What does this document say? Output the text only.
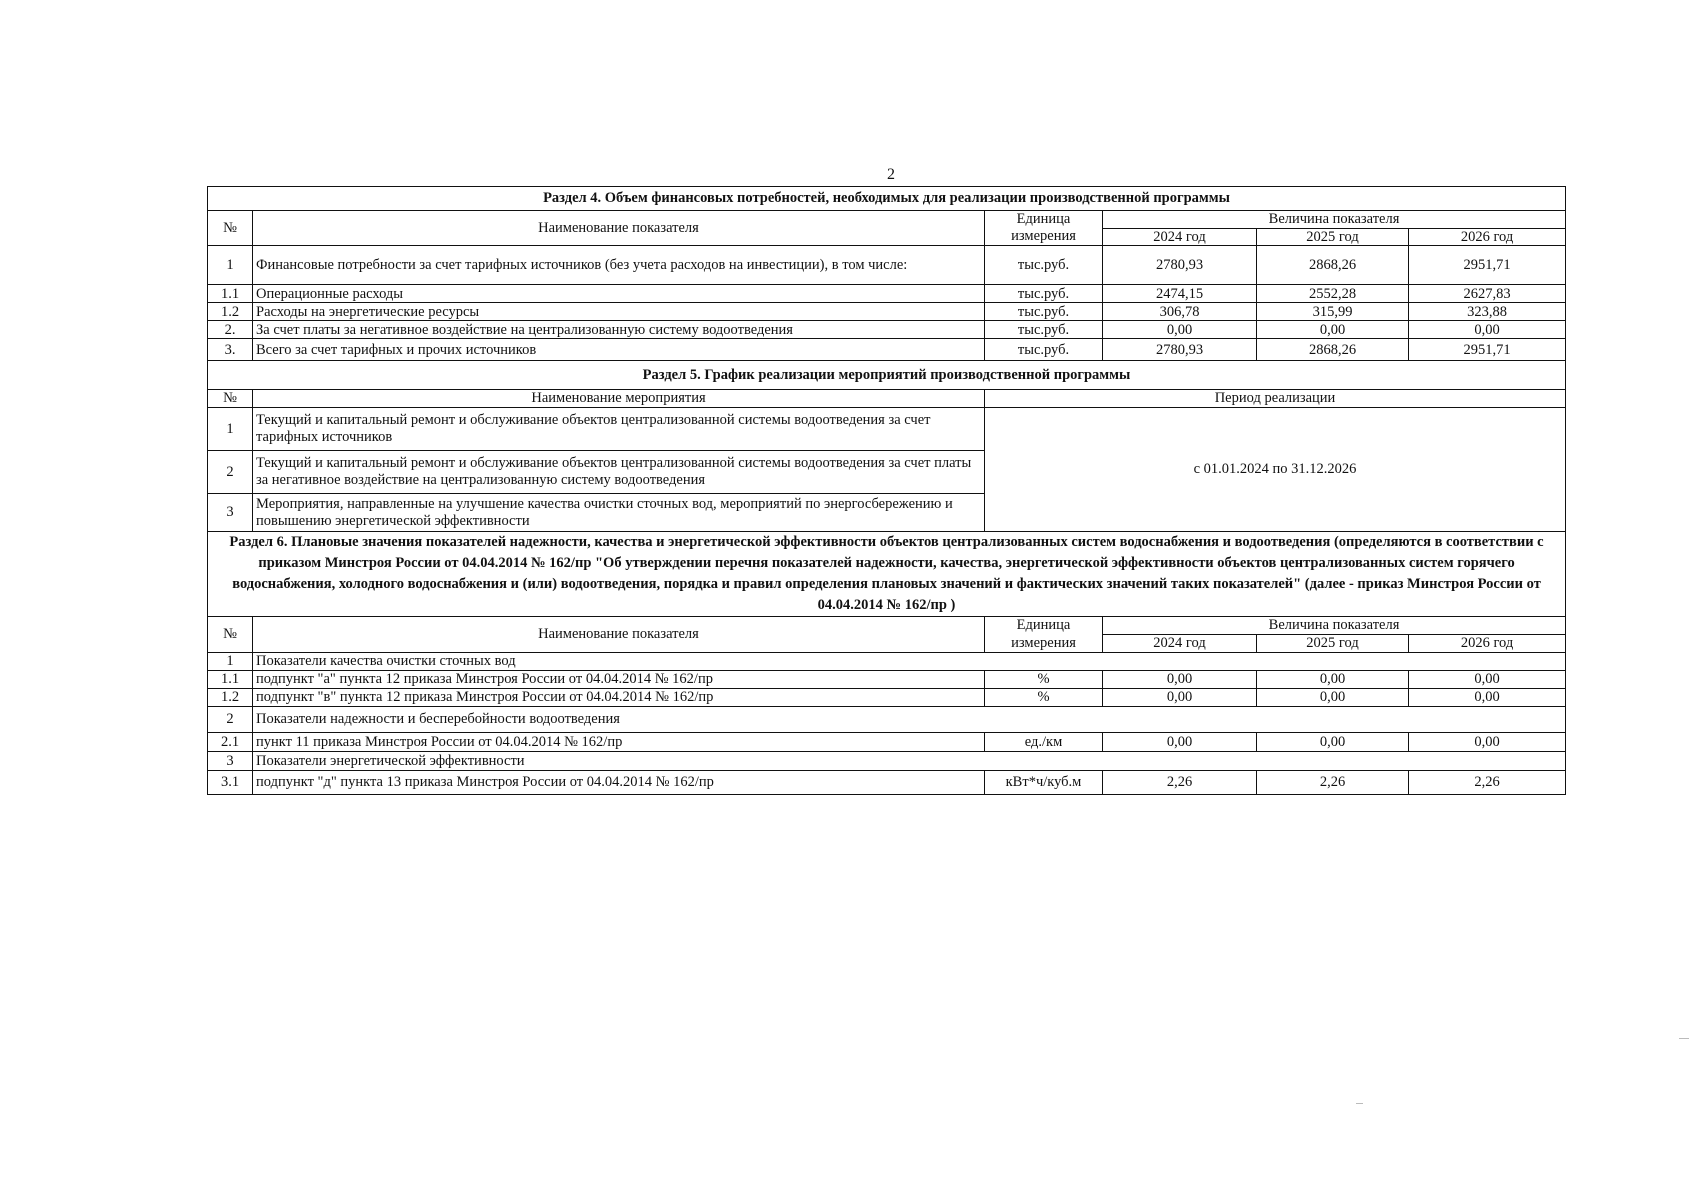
2
Раздел 4. Объем финансовых потребностей, необходимых для реализации производственной программы					
№	Наименование показателя	Единица	Величина показателя		
		измерения	2024 год	2025 год	2026 год
1	Финансовые потребности за счет тарифных источников (без учета расходов на инвестиции), в том числе:	тыс.руб.	2780,93	2868,26	2951,71
1.1	Операционные расходы	тыс.руб.	2474,15	2552,28	2627,83
1.2	Расходы на энергетические ресурсы	тыс.руб.	306,78	315,99	323,88
2.	За счет платы за негативное воздействие на централизованную систему водоотведения	тыс.руб.	0,00	0,00	0,00
3.	Всего за счет тарифных и прочих источников	тыс.руб.	2780,93	2868,26	2951,71
Раздел 5. График реализации мероприятий производственной программы					
№	Наименование мероприятия	Период реализации			
1	Текущий и капитальный ремонт и обслуживание объектов централизованной системы водоотведения за счет тарифных источников	с 01.01.2024 по 31.12.2026			
2	Текущий и капитальный ремонт и обслуживание объектов централизованной системы водоотведения за счет платы за негативное воздействие на централизованную систему водоотведения				
3	Мероприятия, направленные на улучшение качества очистки сточных вод, мероприятий по энергосбережению и повышению энергетической эффективности				
Раздел 6. Плановые значения показателей надежности, качества и энергетической эффективности объектов централизованных систем водоснабжения и водоотведения (определяются в соответствии с приказом Минстроя России от 04.04.2014 № 162/пр "Об утверждении перечня показателей надежности, качества, энергетической эффективности объектов централизованных систем горячего водоснабжения, холодного водоснабжения и (или) водоотведения, порядка и правил определения плановых значений и фактических значений таких показателей" (далее - приказ Минстроя России от 04.04.2014 № 162/пр )					
№	Наименование показателя	Единица	Величина показателя		
		измерения	2024 год	2025 год	2026 год
1	Показатели качества очистки сточных вод				
1.1	подпункт "а" пункта 12 приказа Минстроя России от 04.04.2014 № 162/пр	%	0,00	0,00	0,00
1.2	подпункт "в" пункта 12 приказа Минстроя России от 04.04.2014 № 162/пр	%	0,00	0,00	0,00
2	Показатели надежности и бесперебойности водоотведения				
2.1	пункт 11 приказа Минстроя России от 04.04.2014 № 162/пр	ед./км	0,00	0,00	0,00
3	Показатели энергетической эффективности				
3.1	подпункт "д" пункта 13 приказа Минстроя России от 04.04.2014 № 162/пр	кВт*ч/куб.м	2,26	2,26	2,26
